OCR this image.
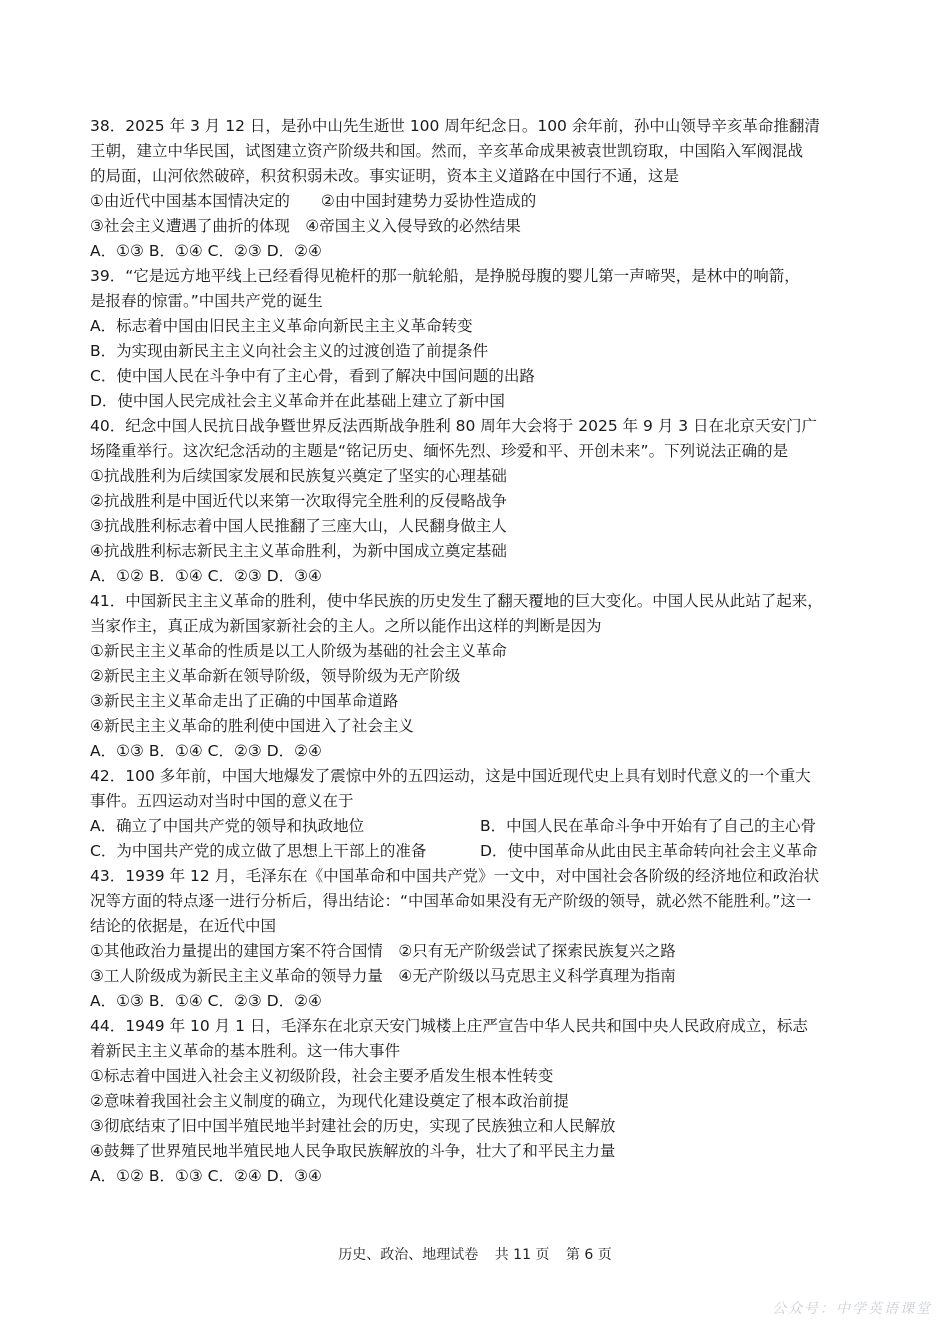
38．2025 年 3 月 12 日，是孙中山先生逝世 100 周年纪念日。100 余年前，孙中山领导辛亥革命推翻清
王朝，建立中华民国，试图建立资产阶级共和国。然而，辛亥革命成果被袁世凯窃取，中国陷入军阀混战
的局面，山河依然破碎，积贫积弱未改。事实证明，资本主义道路在中国行不通，这是
①由近代中国基本国情决定的　　②由中国封建势力妥协性造成的
③社会主义遭遇了曲折的体现　④帝国主义入侵导致的必然结果
A．①③ B．①④ C．②③ D．②④
39．“它是远方地平线上已经看得见桅杆的那一航轮船，是挣脱母腹的婴儿第一声啼哭，是林中的响箭，
是报春的惊雷。”中国共产党的诞生
A．标志着中国由旧民主主义革命向新民主主义革命转变
B．为实现由新民主主义向社会主义的过渡创造了前提条件
C．使中国人民在斗争中有了主心骨，看到了解决中国问题的出路
D．使中国人民完成社会主义革命并在此基础上建立了新中国
40．纪念中国人民抗日战争暨世界反法西斯战争胜利 80 周年大会将于 2025 年 9 月 3 日在北京天安门广
场隆重举行。这次纪念活动的主题是“铭记历史、缅怀先烈、珍爱和平、开创未来”。下列说法正确的是
①抗战胜利为后续国家发展和民族复兴奠定了坚实的心理基础
②抗战胜利是中国近代以来第一次取得完全胜利的反侵略战争
③抗战胜利标志着中国人民推翻了三座大山，人民翻身做主人
④抗战胜利标志新民主主义革命胜利，为新中国成立奠定基础
A．①② B．①④ C．②③ D．③④
41．中国新民主主义革命的胜利，使中华民族的历史发生了翻天覆地的巨大变化。中国人民从此站了起来，
当家作主，真正成为新国家新社会的主人。之所以能作出这样的判断是因为
①新民主主义革命的性质是以工人阶级为基础的社会主义革命
②新民主主义革命新在领导阶级，领导阶级为无产阶级
③新民主主义革命走出了正确的中国革命道路
④新民主主义革命的胜利使中国进入了社会主义
A．①③ B．①④ C．②③ D．②④
42．100 多年前，中国大地爆发了震惊中外的五四运动，这是中国近现代史上具有划时代意义的一个重大
事件。五四运动对当时中国的意义在于
A．确立了中国共产党的领导和执政地位	B．中国人民在革命斗争中开始有了自己的主心骨
C．为中国共产党的成立做了思想上干部上的准备	D．使中国革命从此由民主革命转向社会主义革命
43．1939 年 12 月，毛泽东在《中国革命和中国共产党》一文中，对中国社会各阶级的经济地位和政治状
况等方面的特点逐一进行分析后，得出结论：“中国革命如果没有无产阶级的领导，就必然不能胜利。”这一
结论的依据是，在近代中国
①其他政治力量提出的建国方案不符合国情　②只有无产阶级尝试了探索民族复兴之路
③工人阶级成为新民主主义革命的领导力量　④无产阶级以马克思主义科学真理为指南
A．①③ B．①④ C．②③ D．②④
44．1949 年 10 月 1 日，毛泽东在北京天安门城楼上庄严宣告中华人民共和国中央人民政府成立，标志
着新民主主义革命的基本胜利。这一伟大事件
①标志着中国进入社会主义初级阶段，社会主要矛盾发生根本性转变
②意味着我国社会主义制度的确立，为现代化建设奠定了根本政治前提
③彻底结束了旧中国半殖民地半封建社会的历史，实现了民族独立和人民解放
④鼓舞了世界殖民地半殖民地人民争取民族解放的斗争，壮大了和平民主力量
A．①② B．①③ C．②④ D．③④
历史、政治、地理试卷 共 11 页 第 6 页
公众号：中学英语课堂
